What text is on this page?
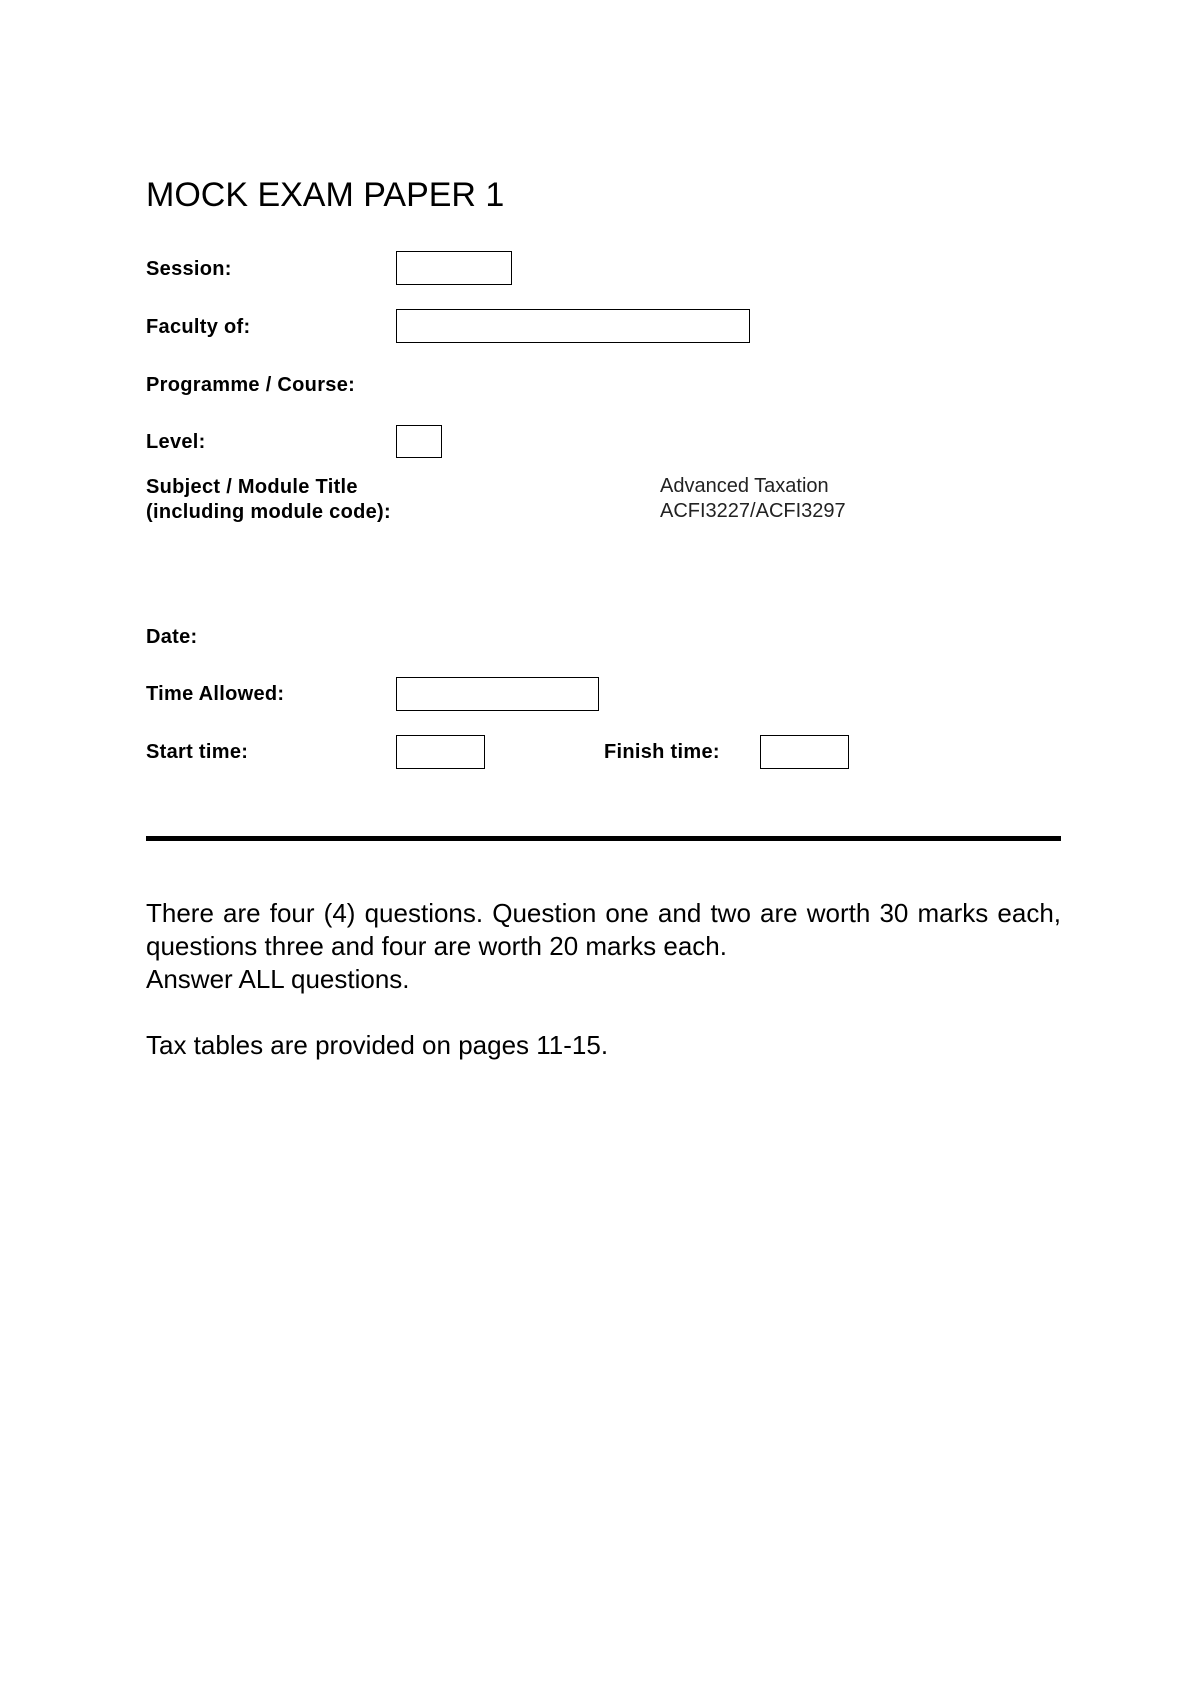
MOCK EXAM PAPER 1
Session:
Faculty of:
Programme / Course:
Level:
Subject / Module Title
(including module code):
Advanced Taxation
ACFI3227/ACFI3297
Date:
Time Allowed:
Start time:	Finish time:

There are four (4) questions. Question one and two are worth 30 marks each, questions three and four are worth 20 marks each.

Answer ALL questions.

Tax tables are provided on pages 11-15.
